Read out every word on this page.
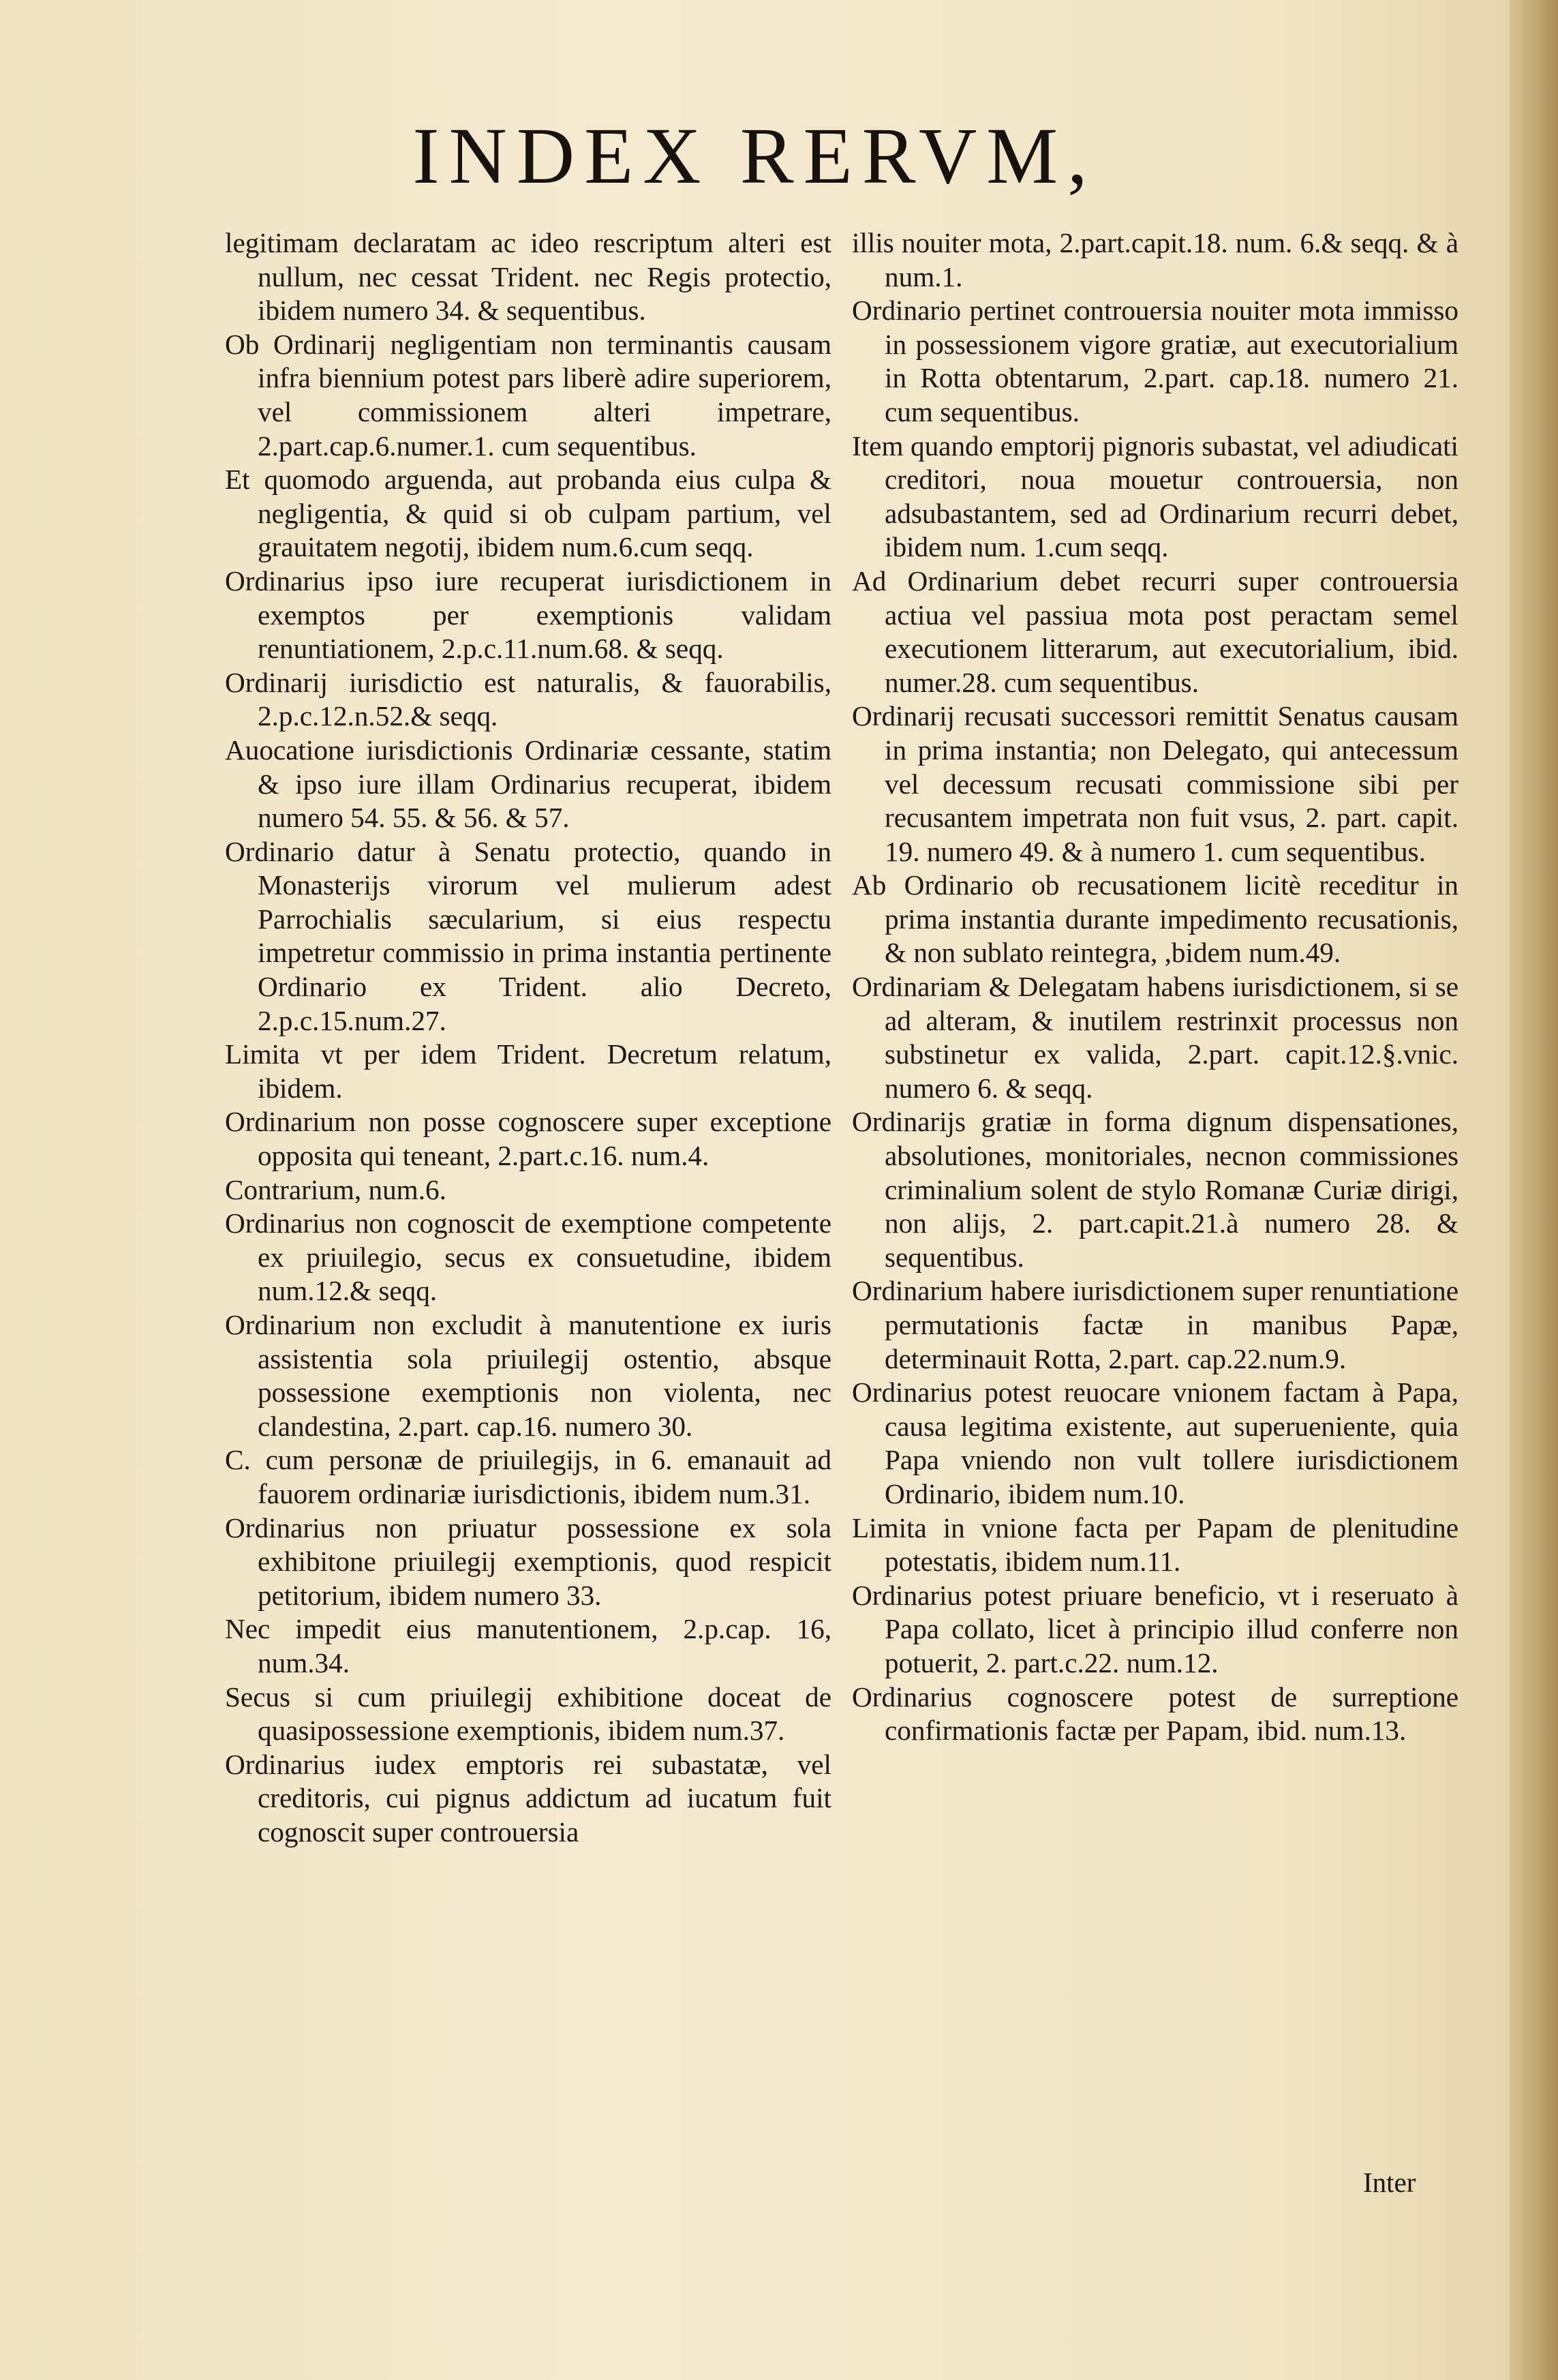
INDEX RERVM,

legitimam declaratam ac ideo rescriptum alteri est nullum, nec cessat Trident. nec Regis protectio, ibidem numero 34. & sequentibus.

Ob Ordinarij negligentiam non terminantis causam infra biennium potest pars liberè adire superiorem, vel commissionem alteri impetrare, 2.part.cap.6.numer.1. cum sequentibus.

Et quomodo arguenda, aut probanda eius culpa & negligentia, & quid si ob culpam partium, vel grauitatem negotij, ibidem num.6.cum seqq.

Ordinarius ipso iure recuperat iurisdictionem in exemptos per exemptionis validam renuntiationem, 2.p.c.11.num.68. & seqq.

Ordinarij iurisdictio est naturalis, & fauorabilis, 2.p.c.12.n.52.& seqq.

Auocatione iurisdictionis Ordinariæ cessante, statim & ipso iure illam Ordinarius recuperat, ibidem numero 54. 55. & 56. & 57.

Ordinario datur à Senatu protectio, quando in Monasterijs virorum vel mulierum adest Parrochialis sæcularium, si eius respectu impetretur commissio in prima instantia pertinente Ordinario ex Trident. alio Decreto, 2.p.c.15.num.27.

Limita vt per idem Trident. Decretum relatum, ibidem.

Ordinarium non posse cognoscere super exceptione opposita qui teneant, 2.part.c.16. num.4.

Contrarium, num.6.

Ordinarius non cognoscit de exemptione competente ex priuilegio, secus ex consuetudine, ibidem num.12.& seqq.

Ordinarium non excludit à manutentione ex iuris assistentia sola priuilegij ostentio, absque possessione exemptionis non violenta, nec clandestina, 2.part. cap.16. numero 30.

C. cum personæ de priuilegijs, in 6. emanauit ad fauorem ordinariæ iurisdictionis, ibidem num.31.

Ordinarius non priuatur possessione ex sola exhibitone priuilegij exemptionis, quod respicit petitorium, ibidem numero 33.

Nec impedit eius manutentionem, 2.p.cap. 16, num.34.

Secus si cum priuilegij exhibitione doceat de quasipossessione exemptionis, ibidem num.37.

Ordinarius iudex emptoris rei subastatæ, vel creditoris, cui pignus addictum ad iucatum fuit cognoscit super controuersia

illis nouiter mota, 2.part.capit.18. num. 6.& seqq. & à num.1.

Ordinario pertinet controuersia nouiter mota immisso in possessionem vigore gratiæ, aut executorialium in Rotta obtentarum, 2.part. cap.18. numero 21. cum sequentibus.

Item quando emptorij pignoris subastat, vel adiudicati creditori, noua mouetur controuersia, non adsubastantem, sed ad Ordinarium recurri debet, ibidem num. 1.cum seqq.

Ad Ordinarium debet recurri super controuersia actiua vel passiua mota post peractam semel executionem litterarum, aut executorialium, ibid. numer.28. cum sequentibus.

Ordinarij recusati successori remittit Senatus causam in prima instantia; non Delegato, qui antecessum vel decessum recusati commissione sibi per recusantem impetrata non fuit vsus, 2. part. capit. 19. numero 49. & à numero 1. cum sequentibus.

Ab Ordinario ob recusationem licitè receditur in prima instantia durante impedimento recusationis, & non sublato reintegra, ,bidem num.49.

Ordinariam & Delegatam habens iurisdictionem, si se ad alteram, & inutilem restrinxit processus non substinetur ex valida, 2.part. capit.12.§.vnic. numero 6. & seqq.

Ordinarijs gratiæ in forma dignum dispensationes, absolutiones, monitoriales, necnon commissiones criminalium solent de stylo Romanæ Curiæ dirigi, non alijs, 2. part.capit.21.à numero 28. & sequentibus.

Ordinarium habere iurisdictionem super renuntiatione permutationis factæ in manibus Papæ, determinauit Rotta, 2.part. cap.22.num.9.

Ordinarius potest reuocare vnionem factam à Papa, causa legitima existente, aut superueniente, quia Papa vniendo non vult tollere iurisdictionem Ordinario, ibidem num.10.

Limita in vnione facta per Papam de plenitudine potestatis, ibidem num.11.

Ordinarius potest priuare beneficio, vt i reseruato à Papa collato, licet à principio illud conferre non potuerit, 2. part.c.22. num.12.

Ordinarius cognoscere potest de surreptione confirmationis factæ per Papam, ibid. num.13.

Inter
